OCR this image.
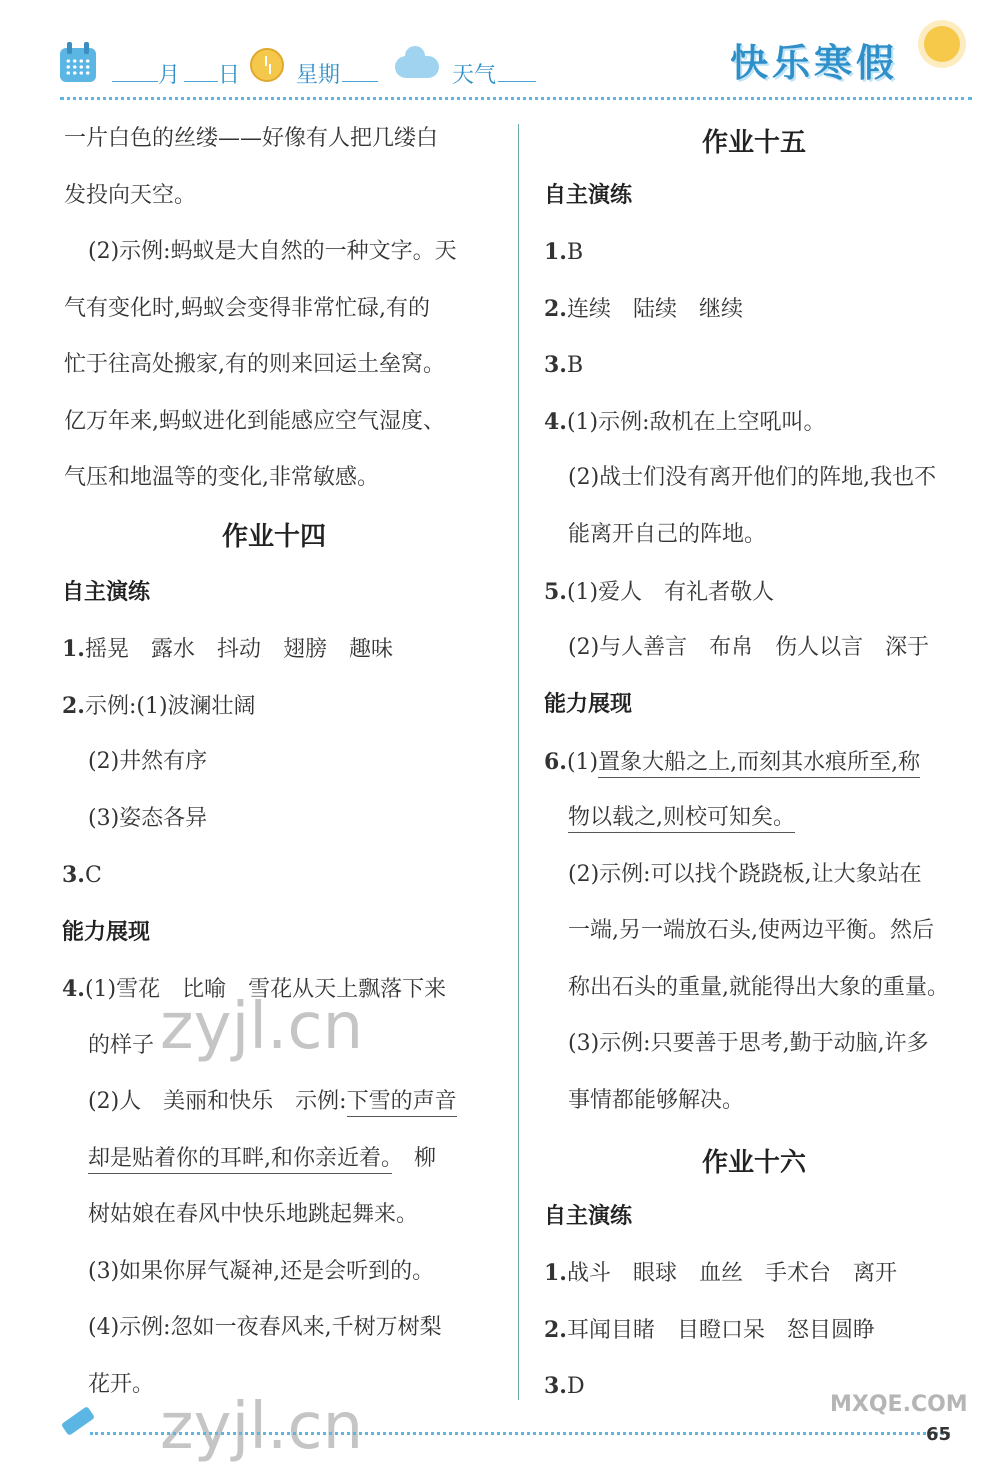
月 日	星期	天气	快乐寒假
一片白色的丝缕——好像有人把几缕白
发投向天空。
(2)示例:蚂蚁是大自然的一种文字。天
气有变化时,蚂蚁会变得非常忙碌,有的
忙于往高处搬家,有的则来回运土垒窝。
亿万年来,蚂蚁进化到能感应空气湿度、
气压和地温等的变化,非常敏感。
作业十四
自主演练
1.摇晃　露水　抖动　翅膀　趣味
2.示例:(1)波澜壮阔
(2)井然有序
(3)姿态各异
3.C
能力展现
4.(1)雪花　比喻　雪花从天上飘落下来
的样子
(2)人　美丽和快乐　示例:下雪的声音
却是贴着你的耳畔,和你亲近着。　柳
树姑娘在春风中快乐地跳起舞来。
(3)如果你屏气凝神,还是会听到的。
(4)示例:忽如一夜春风来,千树万树梨
花开。
作业十五
自主演练
1.B
2.连续　陆续　继续
3.B
4.(1)示例:敌机在上空吼叫。
(2)战士们没有离开他们的阵地,我也不
能离开自己的阵地。
5.(1)爱人　有礼者敬人
(2)与人善言　布帛　伤人以言　深于
能力展现
6.(1)置象大船之上,而刻其水痕所至,称
物以载之,则校可知矣。
(2)示例:可以找个跷跷板,让大象站在
一端,另一端放石头,使两边平衡。然后
称出石头的重量,就能得出大象的重量。
(3)示例:只要善于思考,勤于动脑,许多
事情都能够解决。
作业十六
自主演练
1.战斗　眼球　血丝　手术台　离开
2.耳闻目睹　目瞪口呆　怒目圆睁
3.D
zyjl.cn
zyjl.cn	MXQE.COM
65
